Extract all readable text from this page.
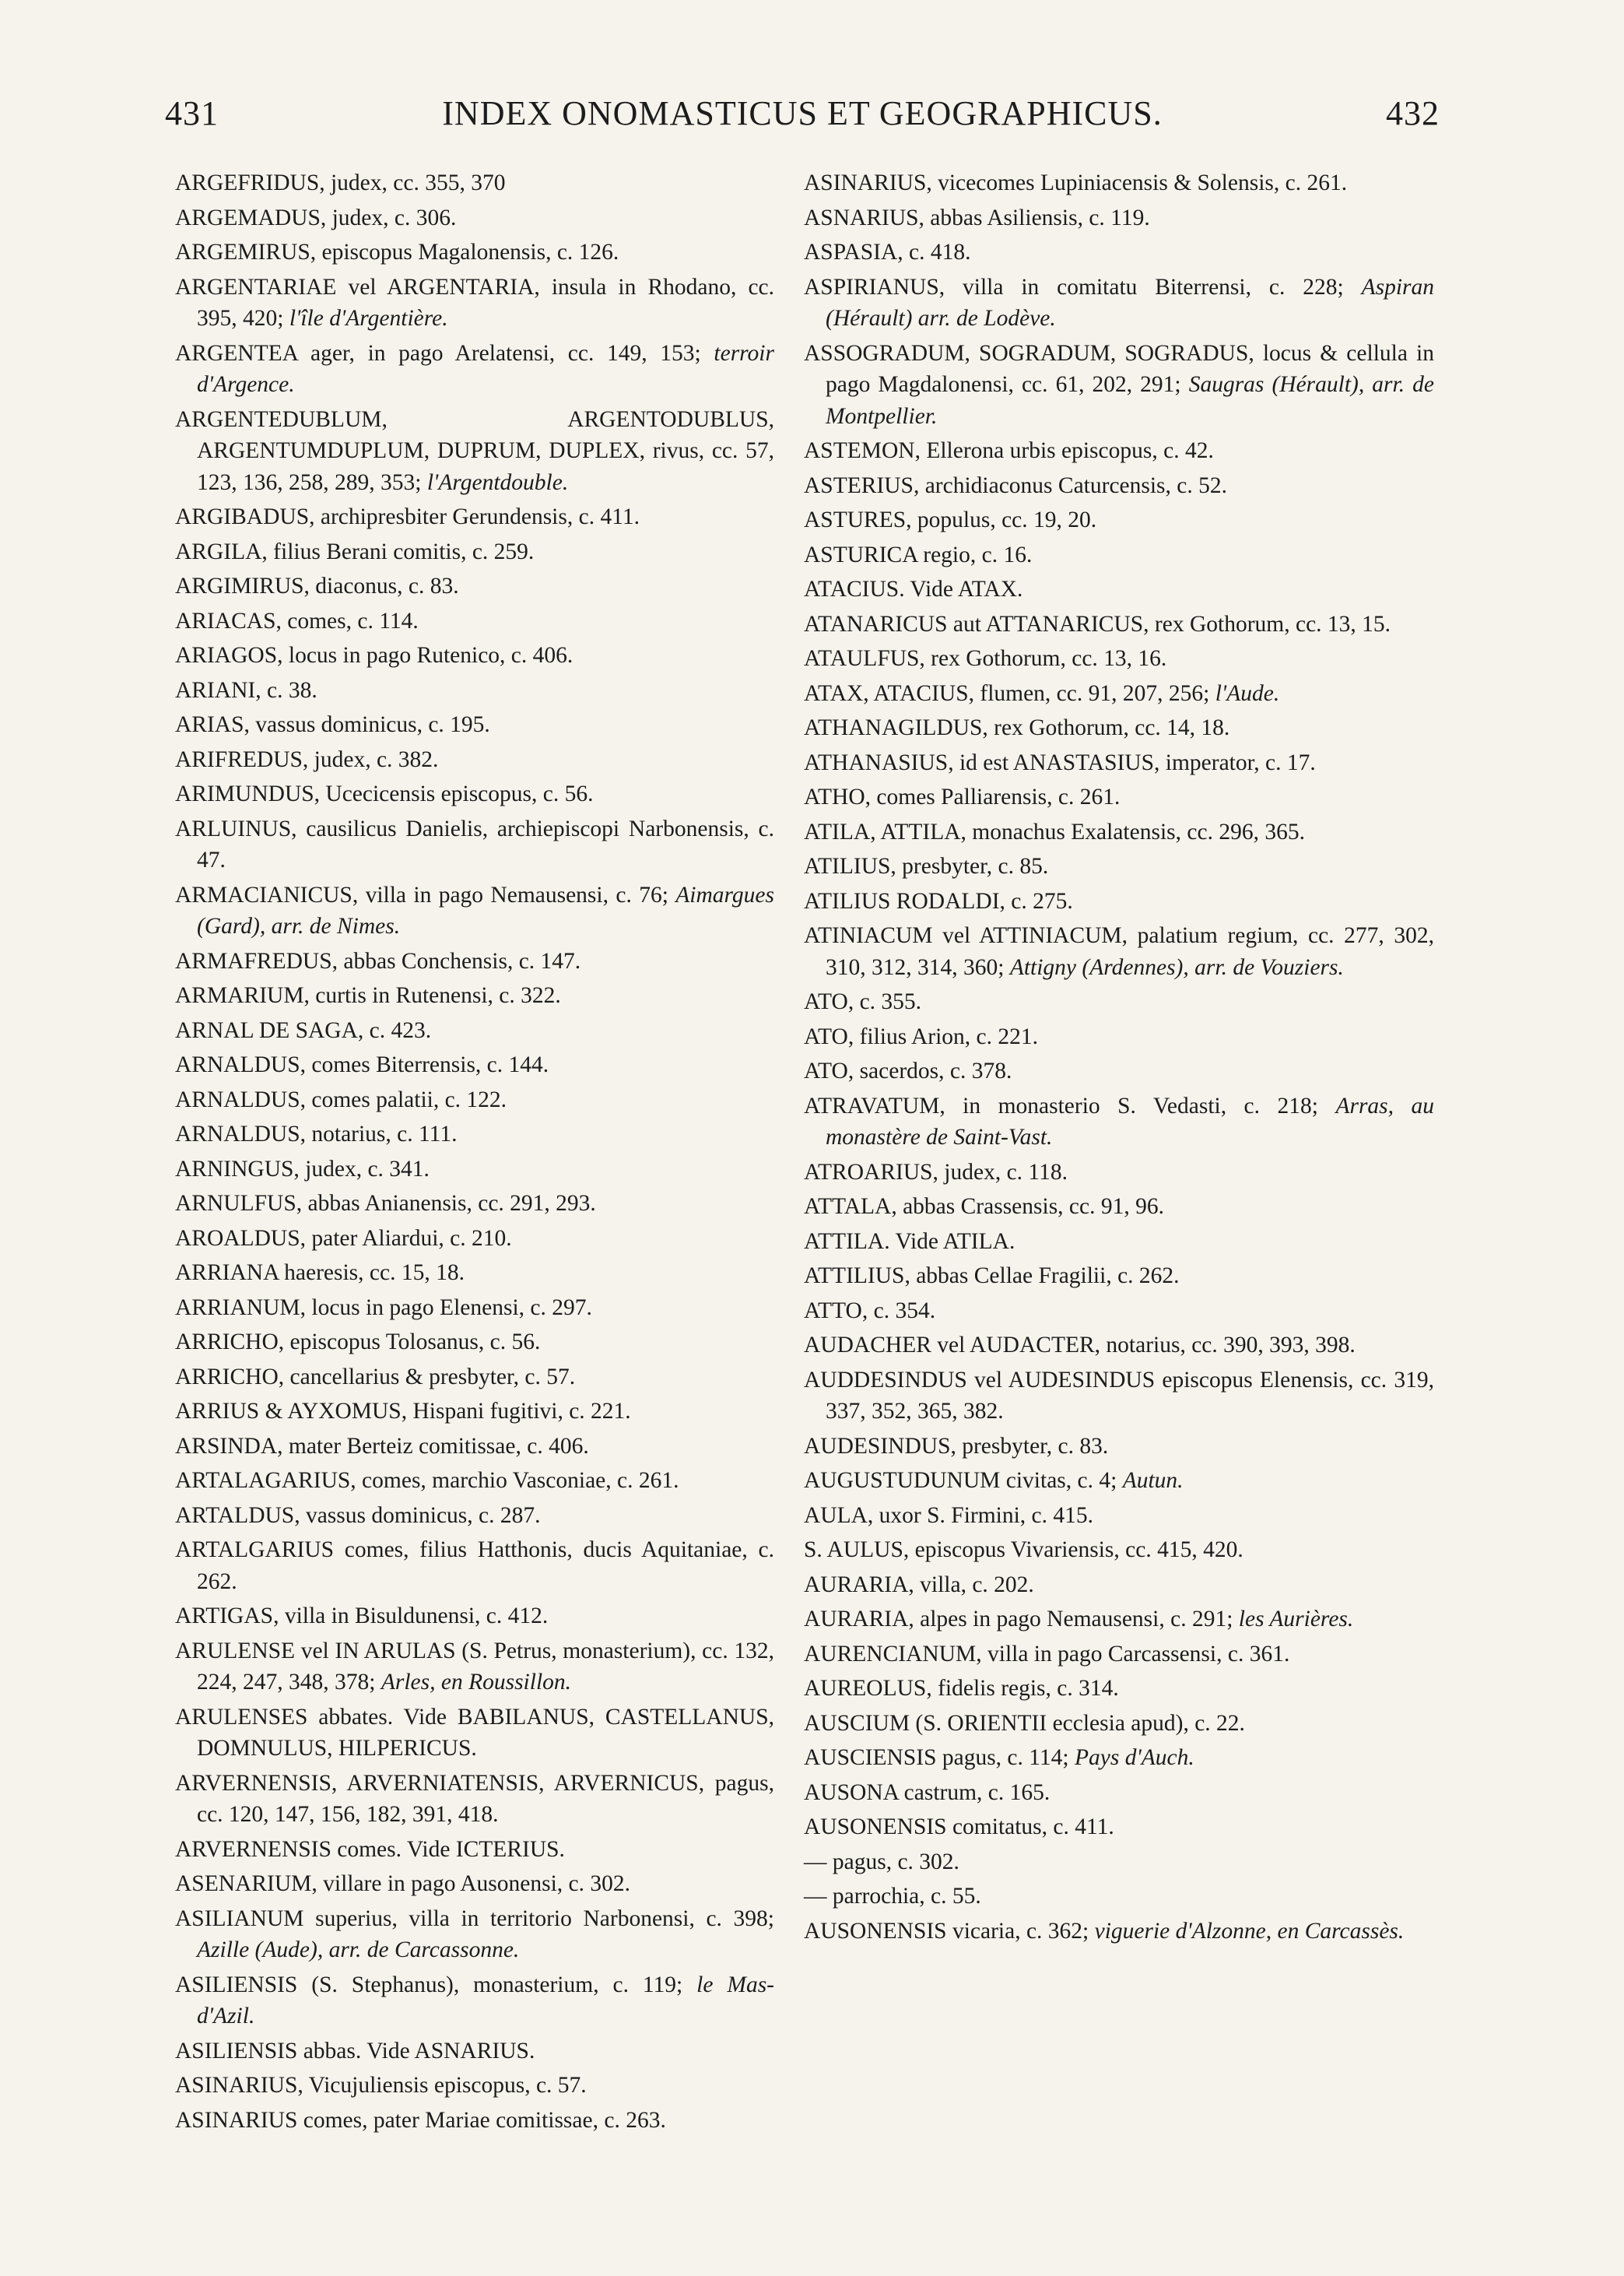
431	INDEX ONOMASTICUS ET GEOGRAPHICUS.	432
ARGEFRIDUS, judex, cc. 355, 370
ARGEMADUS, judex, c. 306.
ARGEMIRUS, episcopus Magalonensis, c. 126.
ARGENTARIAE vel ARGENTARIA, insula in Rhodano, cc. 395, 420; l'île d'Argentière.
ARGENTEA ager, in pago Arelatensi, cc. 149, 153; terroir d'Argence.
ARGENTEDUBLUM, ARGENTODUBLUS, ARGENTUMDUPLUM, DUPRUM, DUPLEX, rivus, cc. 57, 123, 136, 258, 289, 353; l'Argentdouble.
ARGIBADUS, archipresbiter Gerundensis, c. 411.
ARGILA, filius Berani comitis, c. 259.
ARGIMIRUS, diaconus, c. 83.
ARIACAS, comes, c. 114.
ARIAGOS, locus in pago Rutenico, c. 406.
ARIANI, c. 38.
ARIAS, vassus dominicus, c. 195.
ARIFREDUS, judex, c. 382.
ARIMUNDUS, Ucecicensis episcopus, c. 56.
ARLUINUS, causilicus Danielis, archiepiscopi Narbonensis, c. 47.
ARMACIANICUS, villa in pago Nemausensi, c. 76; Aimargues (Gard), arr. de Nimes.
ARMAFREDUS, abbas Conchensis, c. 147.
ARMARIUM, curtis in Rutenensi, c. 322.
ARNAL DE SAGA, c. 423.
ARNALDUS, comes Biterrensis, c. 144.
ARNALDUS, comes palatii, c. 122.
ARNALDUS, notarius, c. 111.
ARNINGUS, judex, c. 341.
ARNULFUS, abbas Anianensis, cc. 291, 293.
AROALDUS, pater Aliardui, c. 210.
ARRIANA haeresis, cc. 15, 18.
ARRIANUM, locus in pago Elenensi, c. 297.
ARRICHO, episcopus Tolosanus, c. 56.
ARRICHO, cancellarius & presbyter, c. 57.
ARRIUS & AYXOMUS, Hispani fugitivi, c. 221.
ARSINDA, mater Berteiz comitissae, c. 406.
ARTALAGARIUS, comes, marchio Vasconiae, c. 261.
ARTALDUS, vassus dominicus, c. 287.
ARTALGARIUS comes, filius Hatthonis, ducis Aquitaniae, c. 262.
ARTIGAS, villa in Bisuldunensi, c. 412.
ARULENSE vel IN ARULAS (S. Petrus, monasterium), cc. 132, 224, 247, 348, 378; Arles, en Roussillon.
ARULENSES abbates. Vide BABILANUS, CASTELLANUS, DOMNULUS, HILPERICUS.
ARVERNENSIS, ARVERNIATENSIS, ARVERNICUS, pagus, cc. 120, 147, 156, 182, 391, 418.
ARVERNENSIS comes. Vide ICTERIUS.
ASENARIUM, villare in pago Ausonensi, c. 302.
ASILIANUM superius, villa in territorio Narbonensi, c. 398; Azille (Aude), arr. de Carcassonne.
ASILIENSIS (S. Stephanus), monasterium, c. 119; le Mas-d'Azil.
ASILIENSIS abbas. Vide ASNARIUS.
ASINARIUS, Vicujuliensis episcopus, c. 57.
ASINARIUS comes, pater Mariae comitissae, c. 263.
ASINARIUS, vicecomes Lupiniacensis & Solensis, c. 261.
ASNARIUS, abbas Asiliensis, c. 119.
ASPASIA, c. 418.
ASPIRIANUS, villa in comitatu Biterrensi, c. 228; Aspiran (Hérault) arr. de Lodève.
ASSOGRADUM, SOGRADUM, SOGRADUS, locus & cellula in pago Magdalonensi, cc. 61, 202, 291; Saugras (Hérault), arr. de Montpellier.
ASTEMON, Ellerona urbis episcopus, c. 42.
ASTERIUS, archidiaconus Caturcensis, c. 52.
ASTURES, populus, cc. 19, 20.
ASTURICA regio, c. 16.
ATACIUS. Vide ATAX.
ATANARICUS aut ATTANARICUS, rex Gothorum, cc. 13, 15.
ATAULFUS, rex Gothorum, cc. 13, 16.
ATAX, ATACIUS, flumen, cc. 91, 207, 256; l'Aude.
ATHANAGILDUS, rex Gothorum, cc. 14, 18.
ATHANASIUS, id est ANASTASIUS, imperator, c. 17.
ATHO, comes Palliarensis, c. 261.
ATILA, ATTILA, monachus Exalatensis, cc. 296, 365.
ATILIUS, presbyter, c. 85.
ATILIUS RODALDI, c. 275.
ATINIACUM vel ATTINIACUM, palatium regium, cc. 277, 302, 310, 312, 314, 360; Attigny (Ardennes), arr. de Vouziers.
ATO, c. 355.
ATO, filius Arion, c. 221.
ATO, sacerdos, c. 378.
ATRAVATUM, in monasterio S. Vedasti, c. 218; Arras, au monastère de Saint-Vast.
ATROARIUS, judex, c. 118.
ATTALA, abbas Crassensis, cc. 91, 96.
ATTILA. Vide ATILA.
ATTILIUS, abbas Cellae Fragilii, c. 262.
ATTO, c. 354.
AUDACHER vel AUDACTER, notarius, cc. 390, 393, 398.
AUDDESINDUS vel AUDESINDUS episcopus Elenensis, cc. 319, 337, 352, 365, 382.
AUDESINDUS, presbyter, c. 83.
AUGUSTUDUNUM civitas, c. 4; Autun.
AULA, uxor S. Firmini, c. 415.
S. AULUS, episcopus Vivariensis, cc. 415, 420.
AURARIA, villa, c. 202.
AURARIA, alpes in pago Nemausensi, c. 291; les Aurières.
AURENCIANUM, villa in pago Carcassensi, c. 361.
AUREOLUS, fidelis regis, c. 314.
AUSCIUM (S. ORIENTII ecclesia apud), c. 22.
AUSCIENSIS pagus, c. 114; Pays d'Auch.
AUSONA castrum, c. 165.
AUSONENSIS comitatus, c. 411.
— pagus, c. 302.
— parrochia, c. 55.
AUSONENSIS vicaria, c. 362; viguerie d'Alzonne, en Carcassès.
